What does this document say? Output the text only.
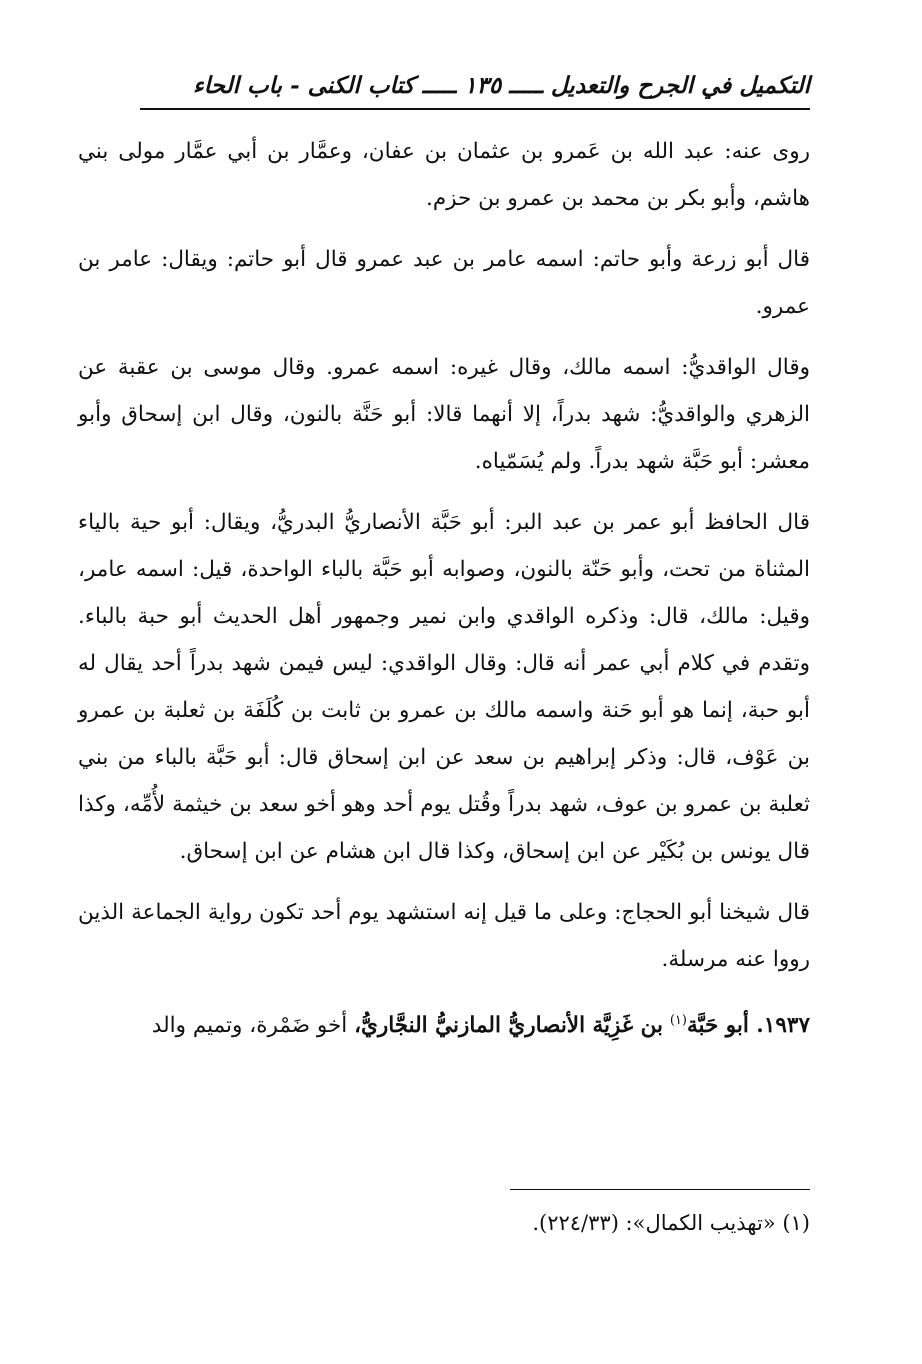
التكميل في الجرح والتعديل ـــــ ١٣٥ ـــــ كتاب الكنى - باب الحاء

روى عنه: عبد الله بن عَمرو بن عثمان بن عفان، وعمَّار بن أبي عمَّار مولى بني هاشم، وأبو بكر بن محمد بن عمرو بن حزم.

قال أبو زرعة وأبو حاتم: اسمه عامر بن عبد عمرو قال أبو حاتم: ويقال: عامر بن عمرو.

وقال الواقديُّ: اسمه مالك، وقال غيره: اسمه عمرو. وقال موسى بن عقبة عن الزهري والواقديُّ: شهد بدراً، إلا أنهما قالا: أبو حَنَّة بالنون، وقال ابن إسحاق وأبو معشر: أبو حَبَّة شهد بدراً. ولم يُسَمّياه.

قال الحافظ أبو عمر بن عبد البر: أبو حَبَّة الأنصاريُّ البدريُّ، ويقال: أبو حية بالياء المثناة من تحت، وأبو حَنّة بالنون، وصوابه أبو حَبَّة بالباء الواحدة، قيل: اسمه عامر، وقيل: مالك، قال: وذكره الواقدي وابن نمير وجمهور أهل الحديث أبو حبة بالباء. وتقدم في كلام أبي عمر أنه قال: وقال الواقدي: ليس فيمن شهد بدراً أحد يقال له أبو حبة، إنما هو أبو حَنة واسمه مالك بن عمرو بن ثابت بن كُلَفَة بن ثعلبة بن عمرو بن عَوْف، قال: وذكر إبراهيم بن سعد عن ابن إسحاق قال: أبو حَبَّة بالباء من بني ثعلبة بن عمرو بن عوف، شهد بدراً وقُتل يوم أحد وهو أخو سعد بن خيثمة لأُمِّه، وكذا قال يونس بن بُكَيْر عن ابن إسحاق، وكذا قال ابن هشام عن ابن إسحاق.

قال شيخنا أبو الحجاج: وعلى ما قيل إنه استشهد يوم أحد تكون رواية الجماعة الذين رووا عنه مرسلة.

١٩٣٧. أبو حَبَّة$^{(١)}$ بن غَزِيَّة الأنصاريُّ المازنيُّ النجَّاريُّ، أخو ضَمْرة، وتميم والد

(١) «تهذيب الكمال»: (٢٢٤/٣٣).
